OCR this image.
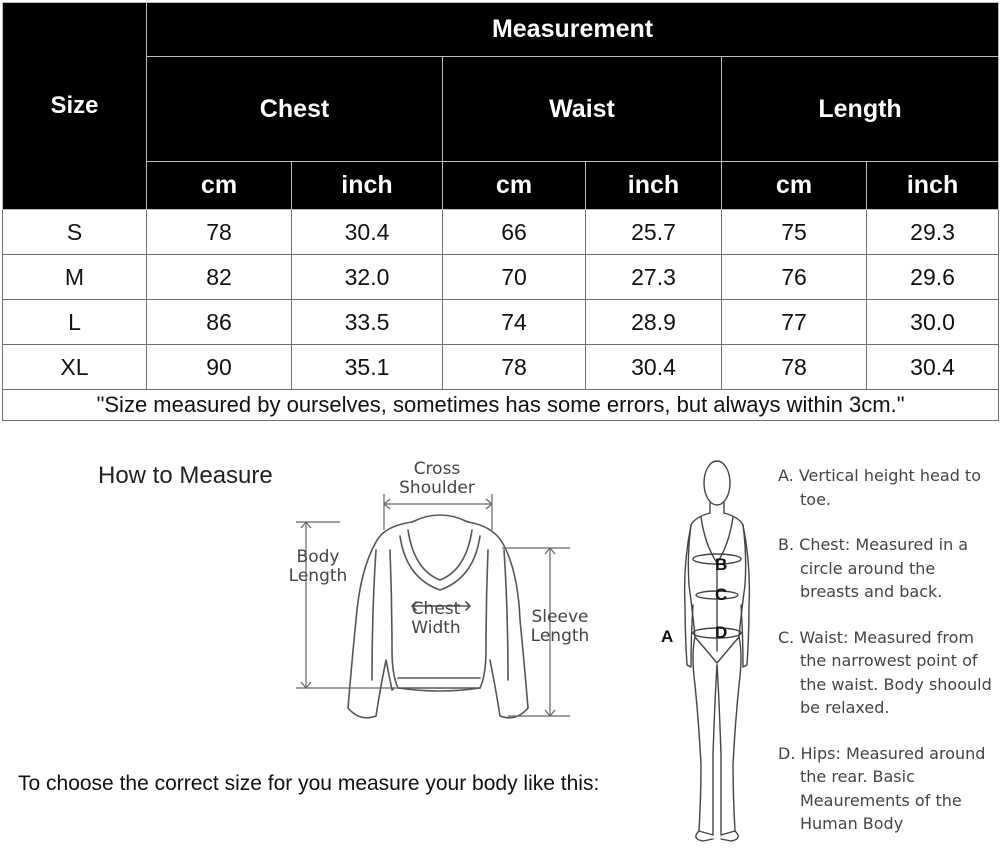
Size	Measurement					
	Chest		Waist		Length	
	cm	inch	cm	inch	cm	inch
S	78	30.4	66	25.7	75	29.3
M	82	32.0	70	27.3	76	29.6
L	86	33.5	74	28.9	77	30.0
XL	90	35.1	78	30.4	78	30.4
"Size measured by ourselves, sometimes has some errors, but always within 3cm."						
How to Measure	Cross
Shoulder
Body
Length
Chest
Width
Sleeve
Length
To choose the correct size for you measure your body like this:
A
B
C
D
A. Vertical height head to toe.
B. Chest: Measured in a circle around the breasts and back.
C. Waist: Measured from the narrowest point of the waist. Body shoould be relaxed.
D. Hips: Measured around the rear. Basic Meaurements of the Human Body
